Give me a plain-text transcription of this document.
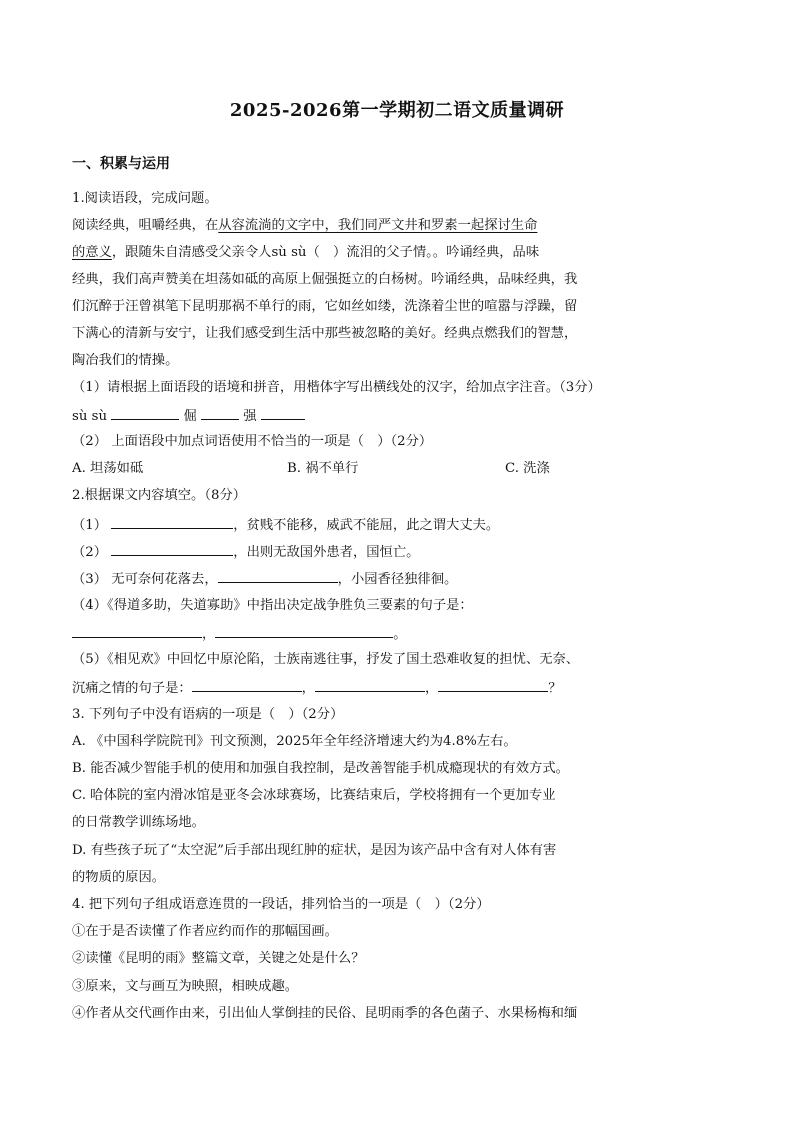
2025-2026第一学期初二语文质量调研
一、积累与运用
1.阅读语段，完成问题。
阅读经典，咀嚼经典，在从容流淌的文字中，我们同严文井和罗素一起探讨生命
的意义，跟随朱自清感受父亲令人sù sù（　）流泪的父子情。。吟诵经典，品味
经典，我们高声赞美在坦荡如砥的高原上倔强挺立的白杨树。吟诵经典，品味经典，我
们沉醉于汪曾祺笔下昆明那祸不单行的雨，它如丝如缕，洗涤着尘世的喧嚣与浮躁，留
下满心的清新与安宁，让我们感受到生活中那些被忽略的美好。经典点燃我们的智慧，
陶冶我们的情操。
（1）请根据上面语段的语境和拼音，用楷体字写出横线处的汉字，给加点字注音。（3分）
sù sù	倔	强
（2） 上面语段中加点词语使用不恰当的一项是（　）（2分）
A. 坦荡如砥	B. 祸不单行	C. 洗涤
2.根据课文内容填空。（8分）
（1）	，贫贱不能移，威武不能屈，此之谓大丈夫。
（2）	，出则无敌国外患者，国恒亡。
（3） 无可奈何花落去，	，小园香径独徘徊。
（4）《得道多助，失道寡助》中指出决定战争胜负三要素的句子是：
，	。
（5）《相见欢》中回忆中原沦陷，士族南逃往事，抒发了国土恐难收复的担忧、无奈、
沉痛之情的句子是：	，	，	？
3. 下列句子中没有语病的一项是（　）（2分）
A. 《中国科学院院刊》刊文预测，2025年全年经济增速大约为4.8%左右。
B. 能否减少智能手机的使用和加强自我控制，是改善智能手机成瘾现状的有效方式。
C. 哈体院的室内滑冰馆是亚冬会冰球赛场，比赛结束后，学校将拥有一个更加专业
的日常教学训练场地。
D. 有些孩子玩了“太空泥”后手部出现红肿的症状，是因为该产品中含有对人体有害
的物质的原因。
4. 把下列句子组成语意连贯的一段话，排列恰当的一项是（　）（2分）
①在于是否读懂了作者应约而作的那幅国画。
②读懂《昆明的雨》整篇文章，关键之处是什么？
③原来，文与画互为映照，相映成趣。
④作者从交代画作由来，引出仙人掌倒挂的民俗、昆明雨季的各色菌子、水果杨梅和缅
